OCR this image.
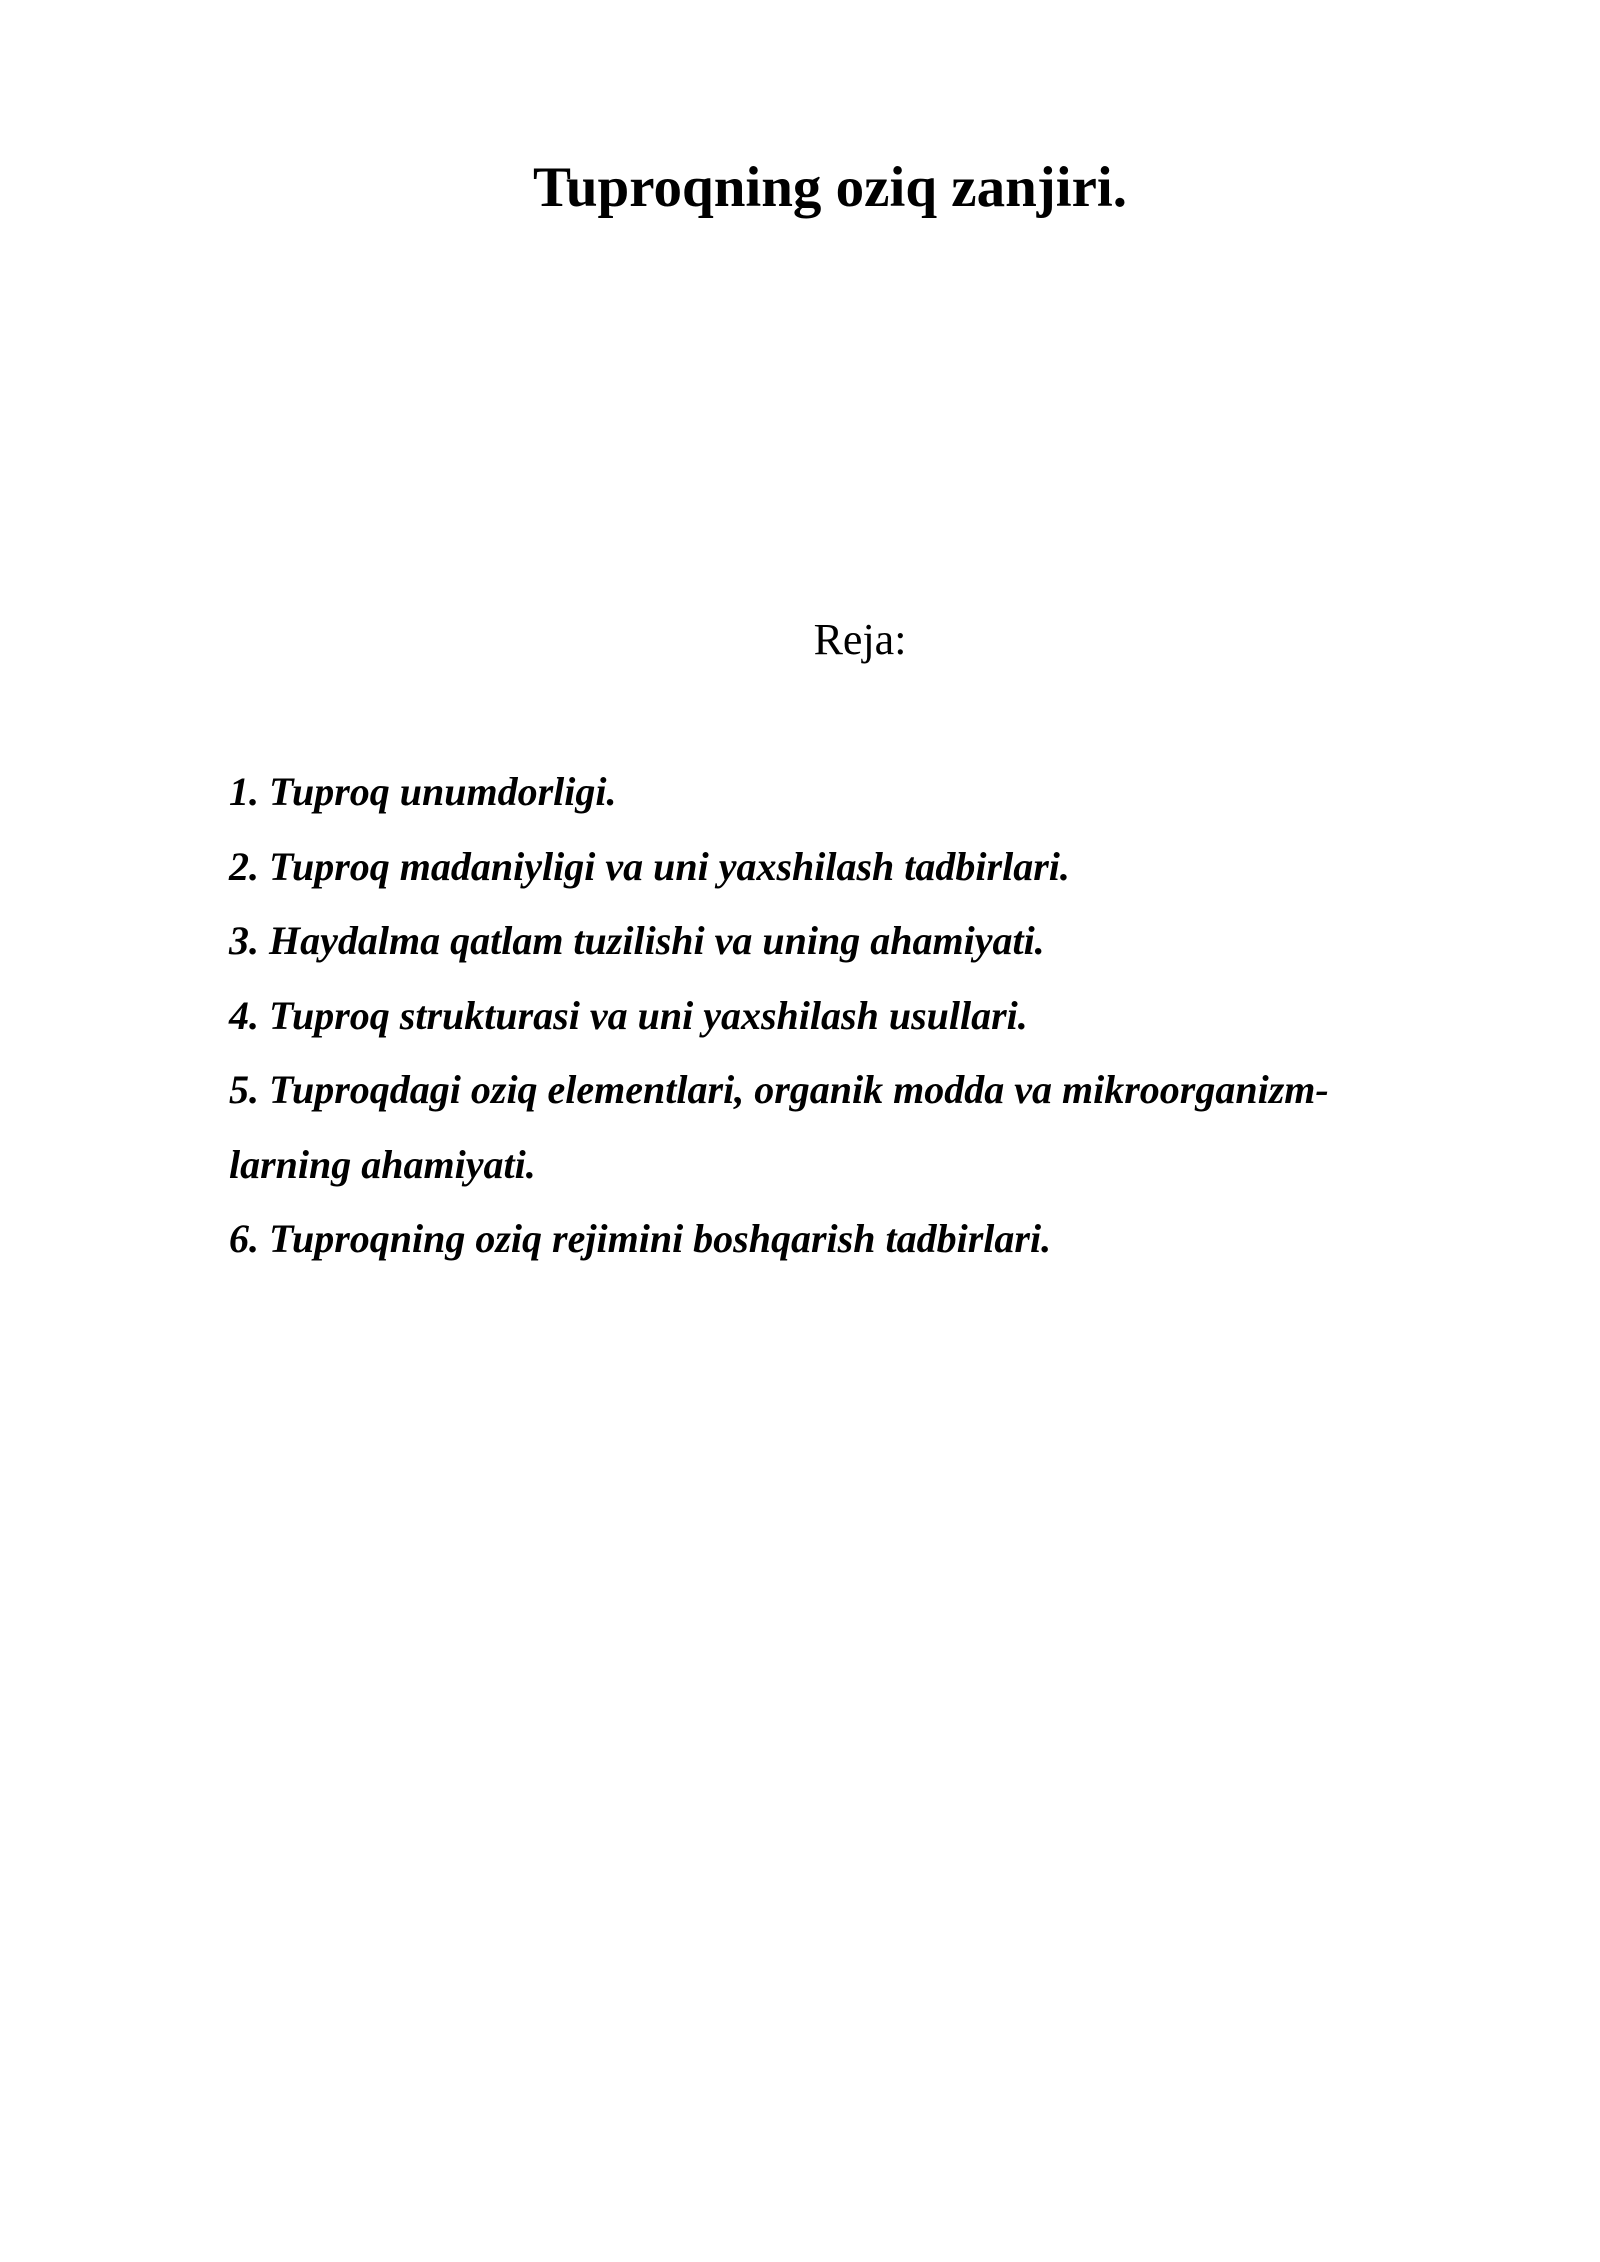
Tuproqning oziq zanjiri.
Reja:
1. Tuproq unumdorligi.
2. Tuproq madaniyligi va uni yaxshilash tadbirlari.
3. Haydalma qatlam tuzilishi va uning ahamiyati.
4. Tuproq strukturasi va uni yaxshilash usullari.
5. Tuproqdagi oziq elementlari, organik modda va mikroorganizm-
larning ahamiyati.
6. Tuproqning oziq rejimini boshqarish tadbirlari.
